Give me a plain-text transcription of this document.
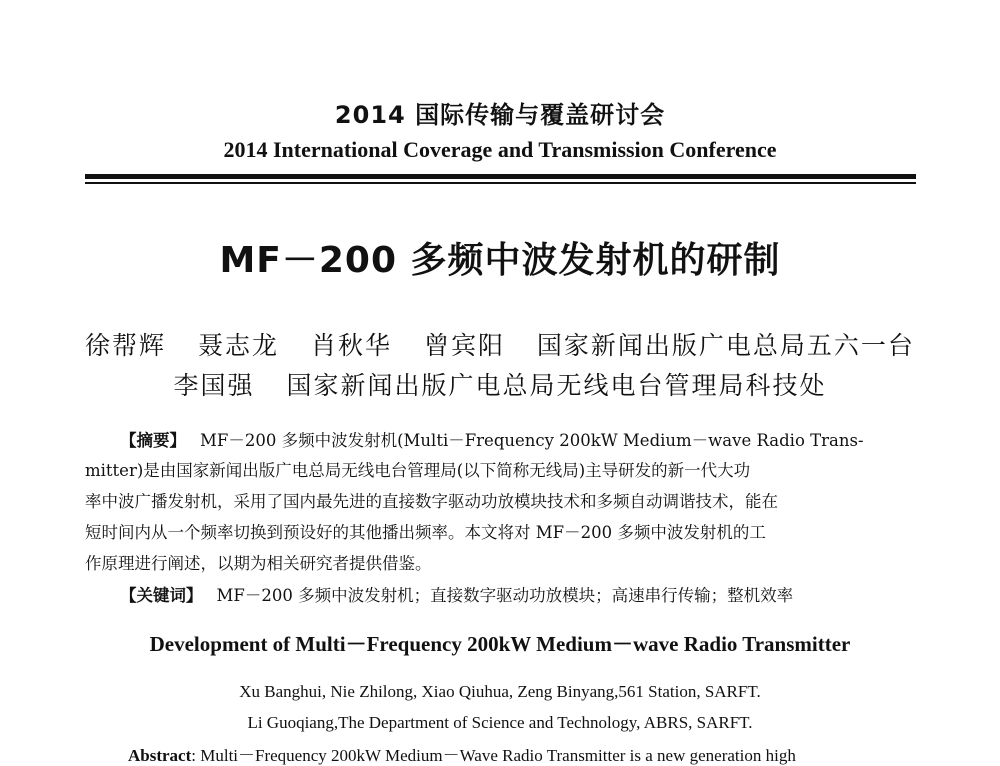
2014 国际传输与覆盖研讨会
2014 International Coverage and Transmission Conference
MF－200 多频中波发射机的研制
徐帮辉 聂志龙 肖秋华 曾宾阳 国家新闻出版广电总局五六一台
李国强 国家新闻出版广电总局无线电台管理局科技处
【摘要】 MF－200 多频中波发射机(Multi－Frequency 200kW Medium－wave Radio Trans-
mitter)是由国家新闻出版广电总局无线电台管理局(以下简称无线局)主导研发的新一代大功
率中波广播发射机，采用了国内最先进的直接数字驱动功放模块技术和多频自动调谐技术，能在
短时间内从一个频率切换到预设好的其他播出频率。本文将对 MF－200 多频中波发射机的工
作原理进行阐述，以期为相关研究者提供借鉴。
【关键词】 MF－200 多频中波发射机；直接数字驱动功放模块；高速串行传输；整机效率
Development of Multi－Frequency 200kW Medium－wave Radio Transmitter
Xu Banghui, Nie Zhilong, Xiao Qiuhua, Zeng Binyang,561 Station, SARFT.
Li Guoqiang,The Department of Science and Technology, ABRS, SARFT.
Abstract: Multi－Frequency 200kW Medium－Wave Radio Transmitter is a new generation high
